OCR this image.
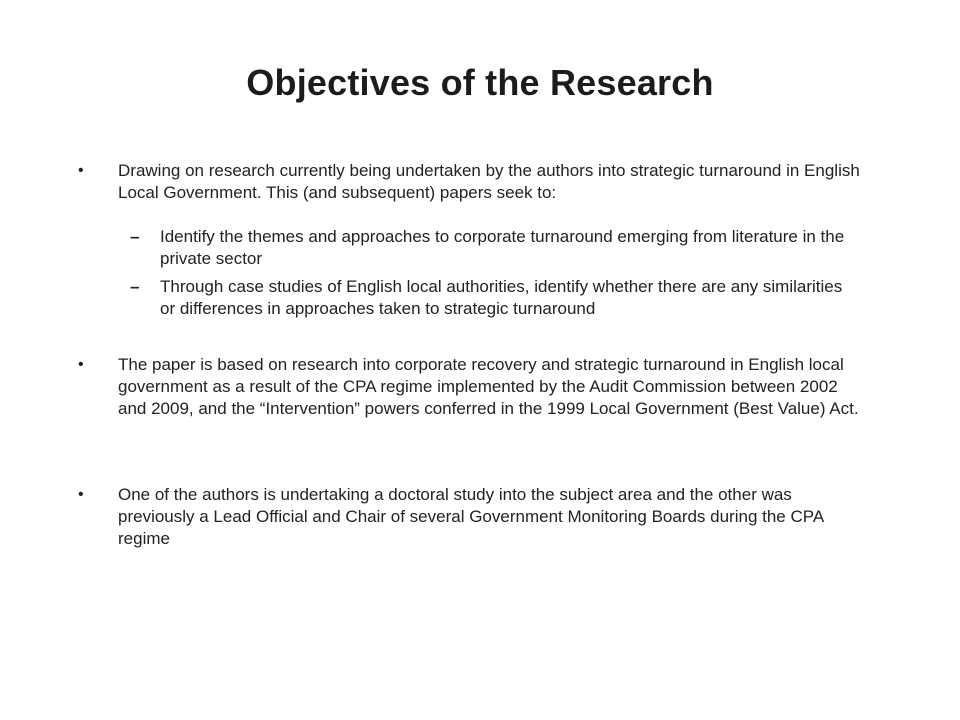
Objectives of the Research
• Drawing on research currently being undertaken by the authors into strategic turnaround in English Local Government. This (and subsequent) papers seek to:
– Identify the themes and approaches to corporate turnaround emerging from literature in the private sector
– Through case studies of English local authorities, identify whether there are any similarities or differences in approaches taken to strategic turnaround
• The paper is based on research into corporate recovery and strategic turnaround in English local government as a result of the CPA regime implemented by the Audit Commission between 2002 and 2009, and the “Intervention” powers conferred in the 1999 Local Government (Best Value) Act.
• One of the authors is undertaking a doctoral study into the subject area and the other was previously a Lead Official and Chair of several Government Monitoring Boards during the CPA regime
